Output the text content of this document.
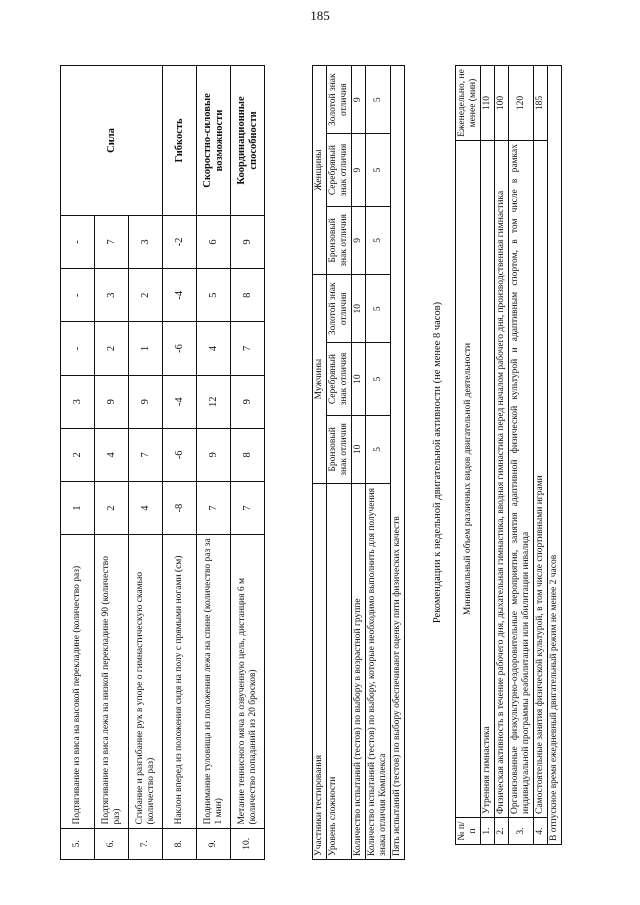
185
5.	Подтягивание из виса на высокой перекладине (количество раз)	1	2	3	-	-	-	Сила
6.	Подтягивание из виса лежа на низкой перекладине 90 (количество раз)	2	4	9	2	3	7	
7.	Сгибание и разгибание рук в упоре о гимнастическую скамью (количество раз)	4	7	9	1	2	3	
8.	Наклон вперед из положения сидя на полу с прямыми ногами (см)	-8	-6	-4	-6	-4	-2	Гибкость
9.	Поднимание туловища из положения лежа на спине (количество раз за 1 мин)	7	9	12	4	5	6	Скоростно-силовые возможности
10.	Метание теннисного мяча в озвученную цель, дистанция 6 м (количество попаданий из 20 бросков)	7	8	9	7	8	9	Координационные способности
Участники тестирования	Мужчины			Женщины		
Уровень сложности	Бронзовый знак отличия	Серебряный знак отличия	Золотой знак отличия	Бронзовый знак отличия	Серебряный знак отличия	Золотой знак отличия
Количество испытаний (тестов) по выбору в возрастной группе	10	10	10	9	9	9
Количество испытаний (тестов) по выбору, которые необходимо выполнить для получения знака отличия Комплекса	5	5	5	5	5	5
Пять испытаний (тестов) по выбору обеспечивают оценку пяти физических качеств						
Рекомендации к недельной двигательной активности (не менее 8 часов)
№ п/п	Минимальный объем различных видов двигательной деятельности	Еженедельно, не менее (мин)
1.	Утренняя гимнастика	110
2.	Физическая активность в течение рабочего дня, дыхательная гимнастика, вводная гимнастика перед началом рабочего дня, производственная гимнастика	100
3.	Организованные физкультурно-оздоровительные мероприятия, занятия адаптивной физической культурой и адаптивным спортом, в том числе в рамках индивидуальной программы реабилитации или абилитации инвалида	120
4.	Самостоятельные занятия физической культурой, в том числе спортивными играми	185
В отпускное время ежедневный двигательный режим не менее 2 часов		
